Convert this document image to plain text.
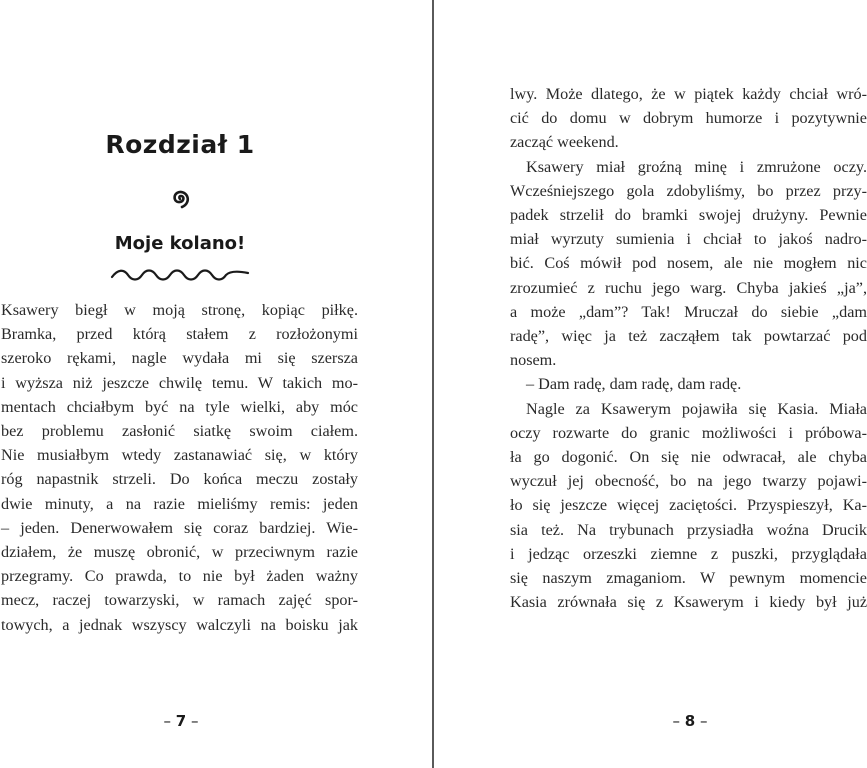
Rozdział 1
Moje kolano!
Ksawery biegł w moją stronę, kopiąc piłkę.
Bramka, przed którą stałem z rozłożonymi
szeroko rękami, nagle wydała mi się szersza
i wyższa niż jeszcze chwilę temu. W takich mo-
mentach chciałbym być na tyle wielki, aby móc
bez problemu zasłonić siatkę swoim ciałem.
Nie musiałbym wtedy zastanawiać się, w który
róg napastnik strzeli. Do końca meczu zostały
dwie minuty, a na razie mieliśmy remis: jeden
– jeden. Denerwowałem się coraz bardziej. Wie-
działem, że muszę obronić, w przeciwnym razie
przegramy. Co prawda, to nie był żaden ważny
mecz, raczej towarzyski, w ramach zajęć spor-
towych, a jednak wszyscy walczyli na boisku jak
– 7 –
lwy. Może dlatego, że w piątek każdy chciał wró-
cić do domu w dobrym humorze i pozytywnie
zacząć weekend.
Ksawery miał groźną minę i zmrużone oczy.
Wcześniejszego gola zdobyliśmy, bo przez przy-
padek strzelił do bramki swojej drużyny. Pewnie
miał wyrzuty sumienia i chciał to jakoś nadro-
bić. Coś mówił pod nosem, ale nie mogłem nic
zrozumieć z ruchu jego warg. Chyba jakieś „ja”,
a może „dam”? Tak! Mruczał do siebie „dam
radę”, więc ja też zacząłem tak powtarzać pod
nosem.
– Dam radę, dam radę, dam radę.
Nagle za Ksawerym pojawiła się Kasia. Miała
oczy rozwarte do granic możliwości i próbowa-
ła go dogonić. On się nie odwracał, ale chyba
wyczuł jej obecność, bo na jego twarzy pojawi-
ło się jeszcze więcej zaciętości. Przyspieszył, Ka-
sia też. Na trybunach przysiadła woźna Drucik
i jedząc orzeszki ziemne z puszki, przyglądała
się naszym zmaganiom. W pewnym momencie
Kasia zrównała się z Ksawerym i kiedy był już
– 8 –
